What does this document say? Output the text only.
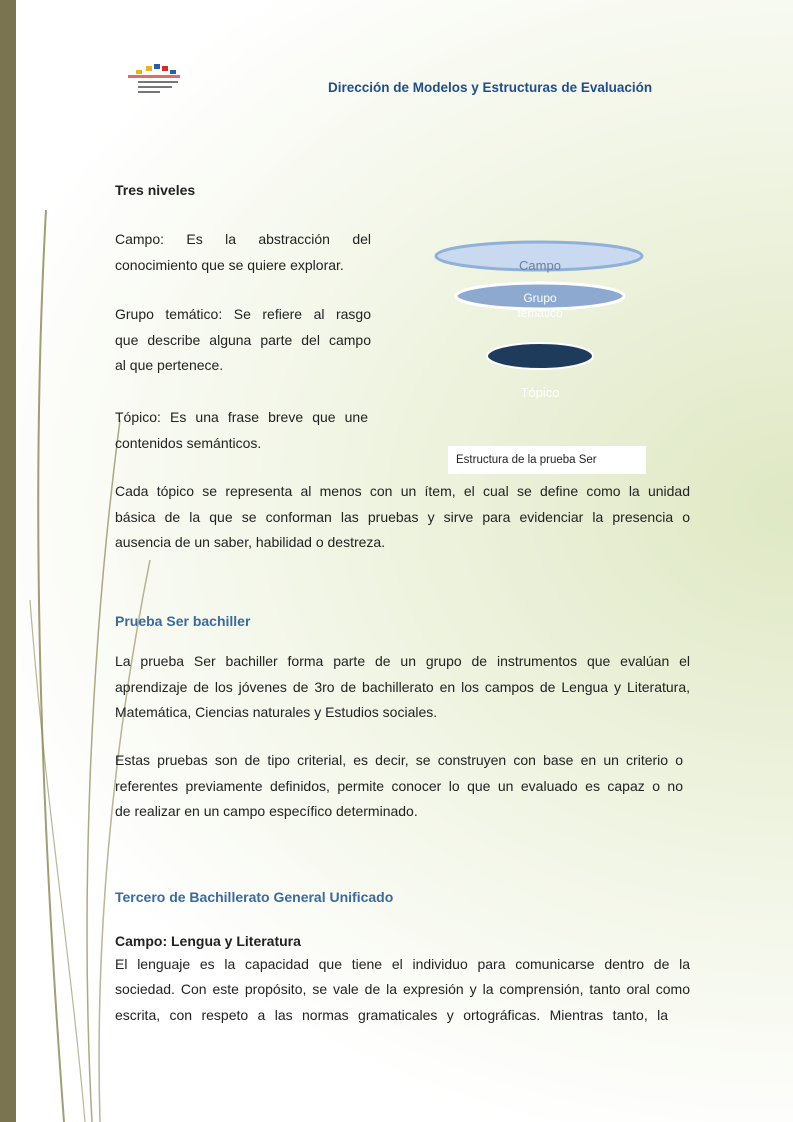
Dirección de Modelos y Estructuras de Evaluación
Tres niveles
Campo: Es la abstracción del
conocimiento que se quiere explorar.
Grupo temático: Se refiere al rasgo
que describe alguna parte del campo
al que pertenece.
Tópico: Es una frase breve que une
contenidos semánticos.
Campo
Grupo
temático
Tópico
Estructura de la prueba Ser
Cada tópico se representa al menos con un ítem, el cual se define como la unidad
básica de la que se conforman las pruebas y sirve para evidenciar la presencia o
ausencia de un saber, habilidad o destreza.
Prueba Ser bachiller
La prueba Ser bachiller forma parte de un grupo de instrumentos que evalúan el
aprendizaje de los jóvenes de 3ro de bachillerato en los campos de Lengua y Literatura,
Matemática, Ciencias naturales y Estudios sociales.
Estas pruebas son de tipo criterial, es decir, se construyen con base en un criterio o
referentes previamente definidos, permite conocer lo que un evaluado es capaz o no
de realizar en un campo específico determinado.
Tercero de Bachillerato General Unificado
Campo: Lengua y Literatura
El lenguaje es la capacidad que tiene el individuo para comunicarse dentro de la
sociedad. Con este propósito, se vale de la expresión y la comprensión, tanto oral como
escrita, con respeto a las normas gramaticales y ortográficas. Mientras tanto, la
